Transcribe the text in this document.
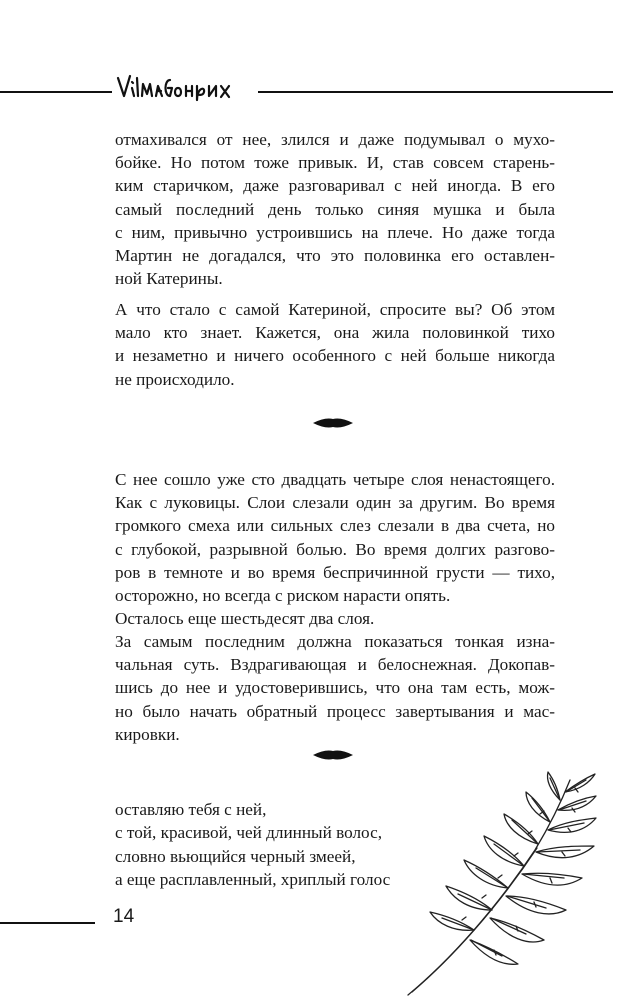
отмахивался от нее, злился и даже подумывал о мухо-
бойке. Но потом тоже привык. И, став совсем старень-
ким старичком, даже разговаривал с ней иногда. В его
самый последний день только синяя мушка и была
с ним, привычно устроившись на плече. Но даже тогда
Мартин не догадался, что это половинка его оставлен-
ной Катерины.
А что стало с самой Катериной, спросите вы? Об этом
мало кто знает. Кажется, она жила половинкой тихо
и незаметно и ничего особенного с ней больше никогда
не происходило.
С нее сошло уже сто двадцать четыре слоя ненастоящего.
Как с луковицы. Слои слезали один за другим. Во время
громкого смеха или сильных слез слезали в два счета, но
с глубокой, разрывной болью. Во время долгих разгово-
ров в темноте и во время беспричинной грусти — тихо,
осторожно, но всегда с риском нарасти опять.
Осталось еще шестьдесят два слоя.
За самым последним должна показаться тонкая изна-
чальная суть. Вздрагивающая и белоснежная. Докопав-
шись до нее и удостоверившись, что она там есть, мож-
но было начать обратный процесс завертывания и мас-
кировки.
оставляю тебя с ней,
с той, красивой, чей длинный волос,
словно вьющийся черный змеей,
а еще расплавленный, хриплый голос
14
